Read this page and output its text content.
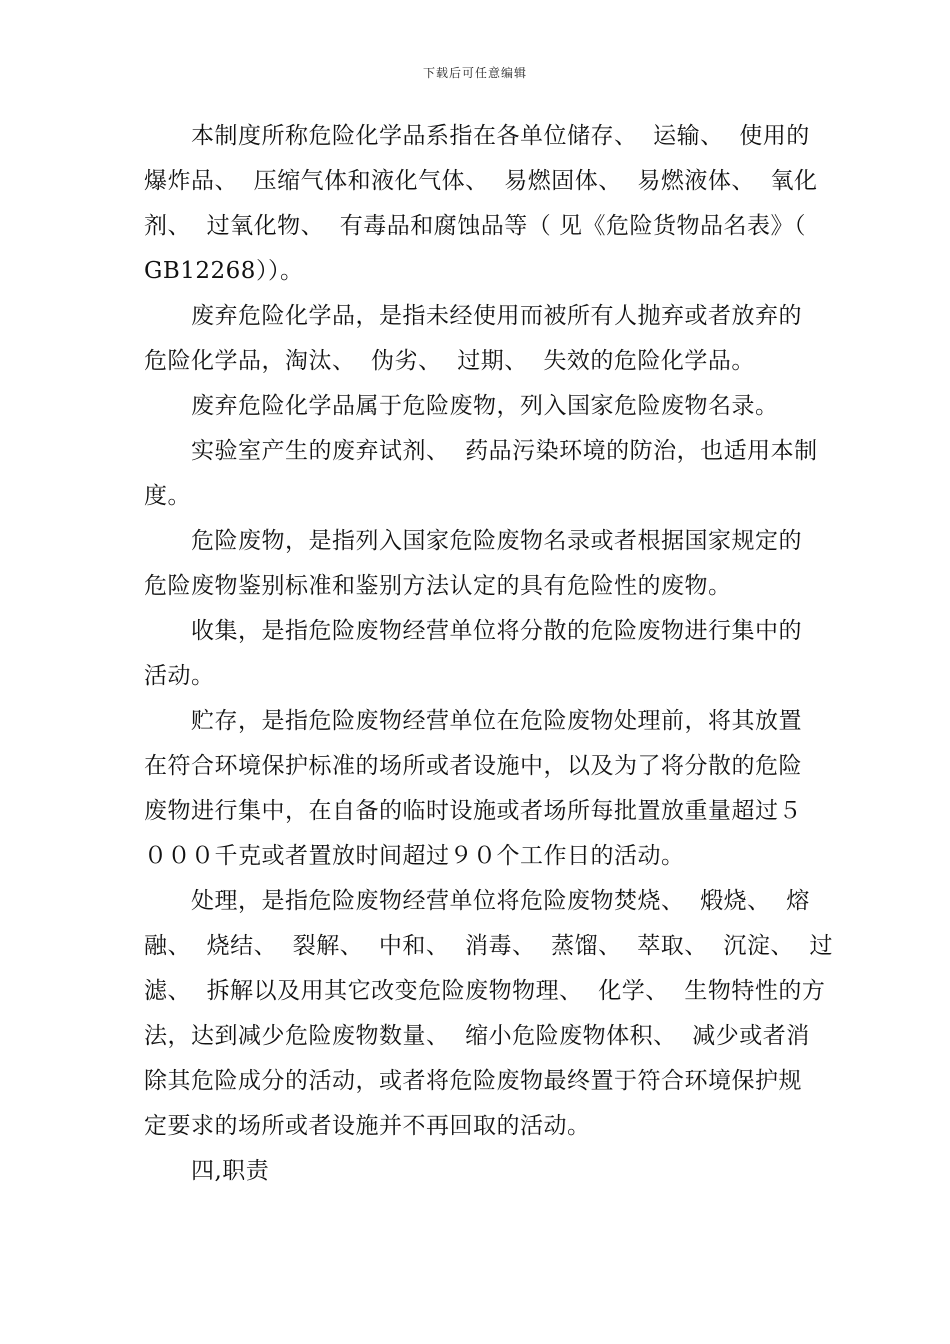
下载后可任意编辑
本制度所称危险化学品系指在各单位储存、  运输、  使用的
爆炸品、  压缩气体和液化气体、  易燃固体、  易燃液体、  氧化
剂、  过氧化物、  有毒品和腐蚀品等（ 见《危险货物品名表》（
GB12268））。
废弃危险化学品，是指未经使用而被所有人抛弃或者放弃的
危险化学品，淘汰、  伪劣、  过期、  失效的危险化学品。
废弃危险化学品属于危险废物，列入国家危险废物名录。
实验室产生的废弃试剂、  药品污染环境的防治，也适用本制
度。
危险废物，是指列入国家危险废物名录或者根据国家规定的
危险废物鉴别标准和鉴别方法认定的具有危险性的废物。
收集，是指危险废物经营单位将分散的危险废物进行集中的
活动。
贮存，是指危险废物经营单位在危险废物处理前，将其放置
在符合环境保护标准的场所或者设施中，以及为了将分散的危险
废物进行集中，在自备的临时设施或者场所每批置放重量超过５
０００千克或者置放时间超过９０个工作日的活动。
处理，是指危险废物经营单位将危险废物焚烧、  煅烧、  熔
融、  烧结、  裂解、  中和、  消毒、  蒸馏、  萃取、  沉淀、  过
滤、  拆解以及用其它改变危险废物物理、  化学、  生物特性的方
法，达到减少危险废物数量、  缩小危险废物体积、  减少或者消
除其危险成分的活动，或者将危险废物最终置于符合环境保护规
定要求的场所或者设施并不再回取的活动。
四,职责
